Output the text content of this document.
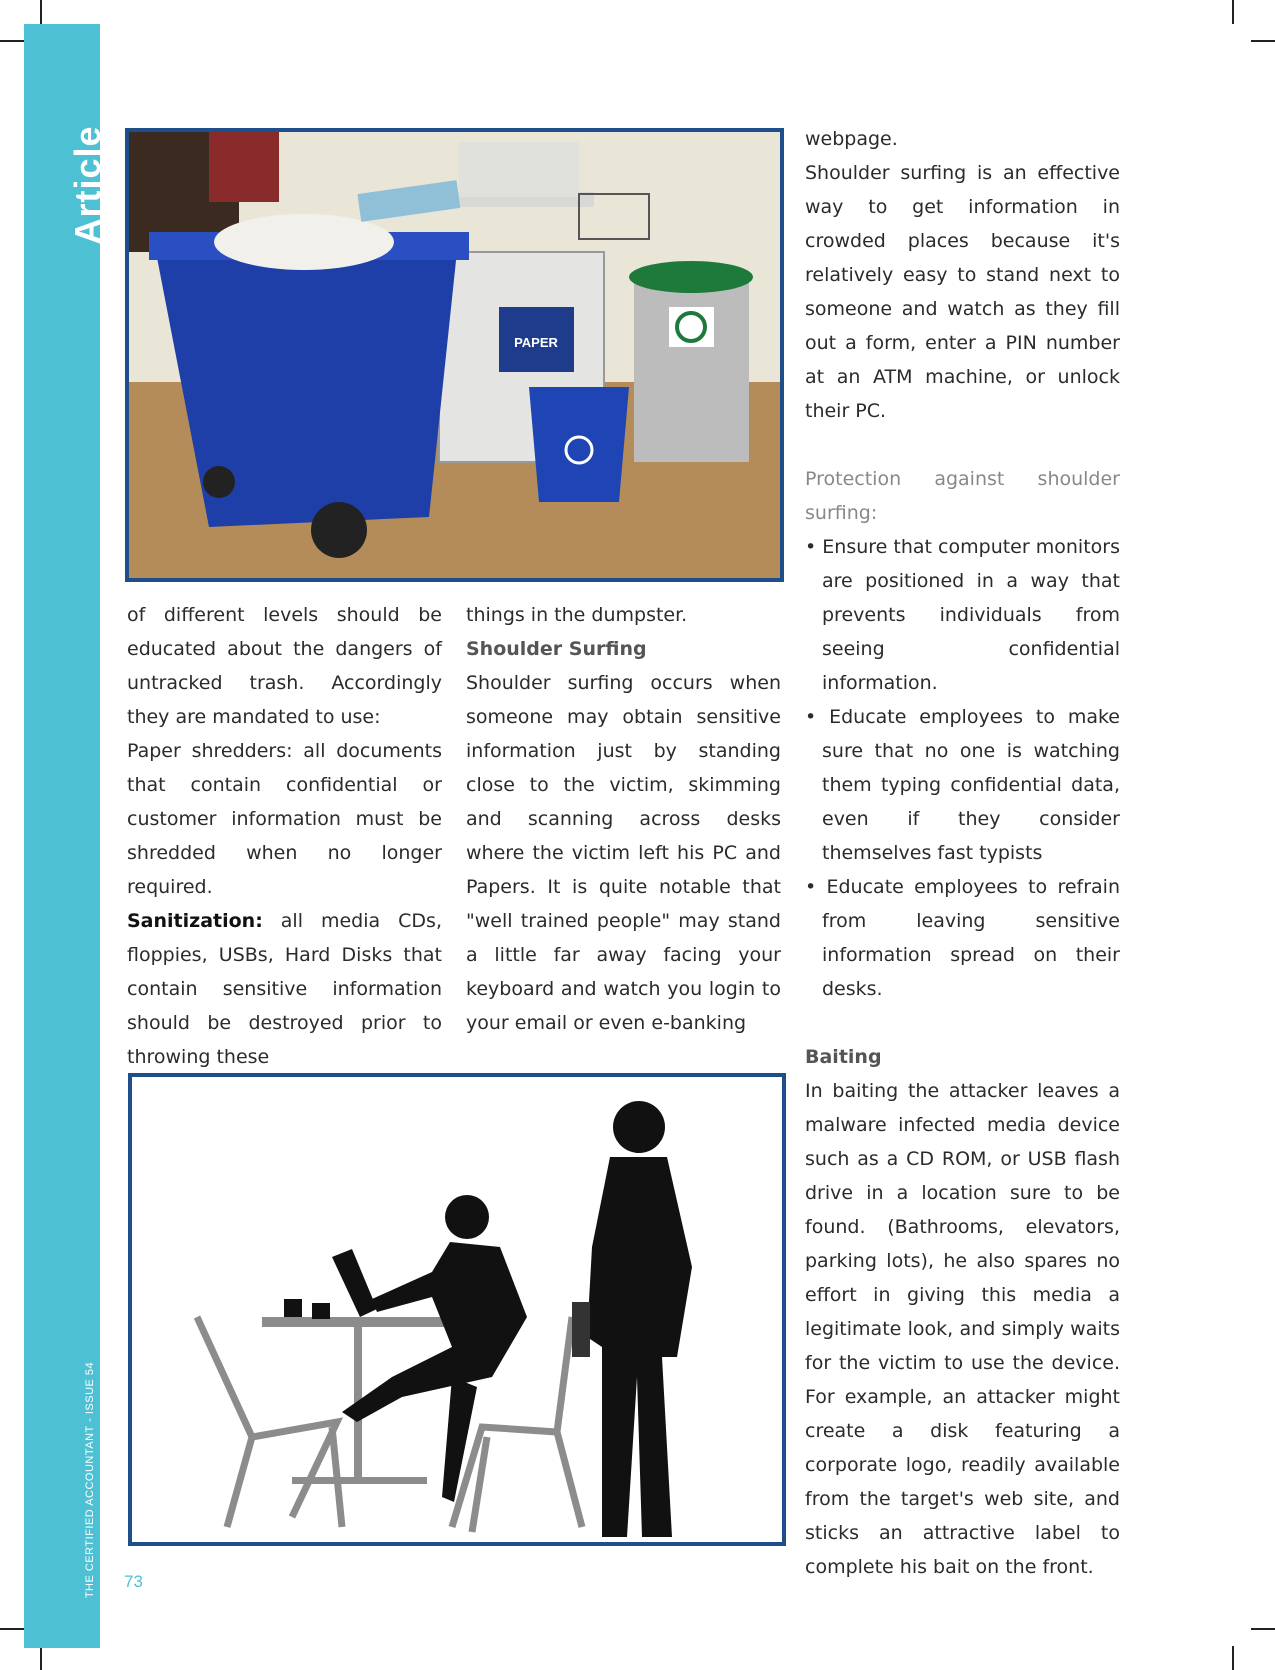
Article
THE CERTIFIED ACCOUNTANT - ISSUE 54 73
PAPER

of different levels should be educated about the dangers of untracked trash. Accordingly they are mandated to use:

Paper shredders: all documents that contain confidential or customer information must be shredded when no longer required.

Sanitization: all media CDs, floppies, USBs, Hard Disks that contain sensitive information should be destroyed prior to throwing these

things in the dumpster.

Shoulder Surfing

Shoulder surfing occurs when someone may obtain sensitive information just by standing close to the victim, skimming and scanning across desks where the victim left his PC and Papers. It is quite notable that "well trained people" may stand a little far away facing your keyboard and watch you login to your email or even e-banking

webpage.

Shoulder surfing is an effective way to get information in crowded places because it's relatively easy to stand next to someone and watch as they fill out a form, enter a PIN number at an ATM machine, or unlock their PC.

Protection against shoulder surfing:

• Ensure that computer monitors are positioned in a way that prevents individuals from seeing confidential information.

• Educate employees to make sure that no one is watching them typing confidential data, even if they consider themselves fast typists

• Educate employees to refrain from leaving sensitive information spread on their desks.

Baiting

In baiting the attacker leaves a malware infected media device such as a CD ROM, or USB flash drive in a location sure to be found. (Bathrooms, elevators, parking lots), he also spares no effort in giving this media a legitimate look, and simply waits for the victim to use the device. For example, an attacker might create a disk featuring a corporate logo, readily available from the target's web site, and sticks an attractive label to complete his bait on the front.
